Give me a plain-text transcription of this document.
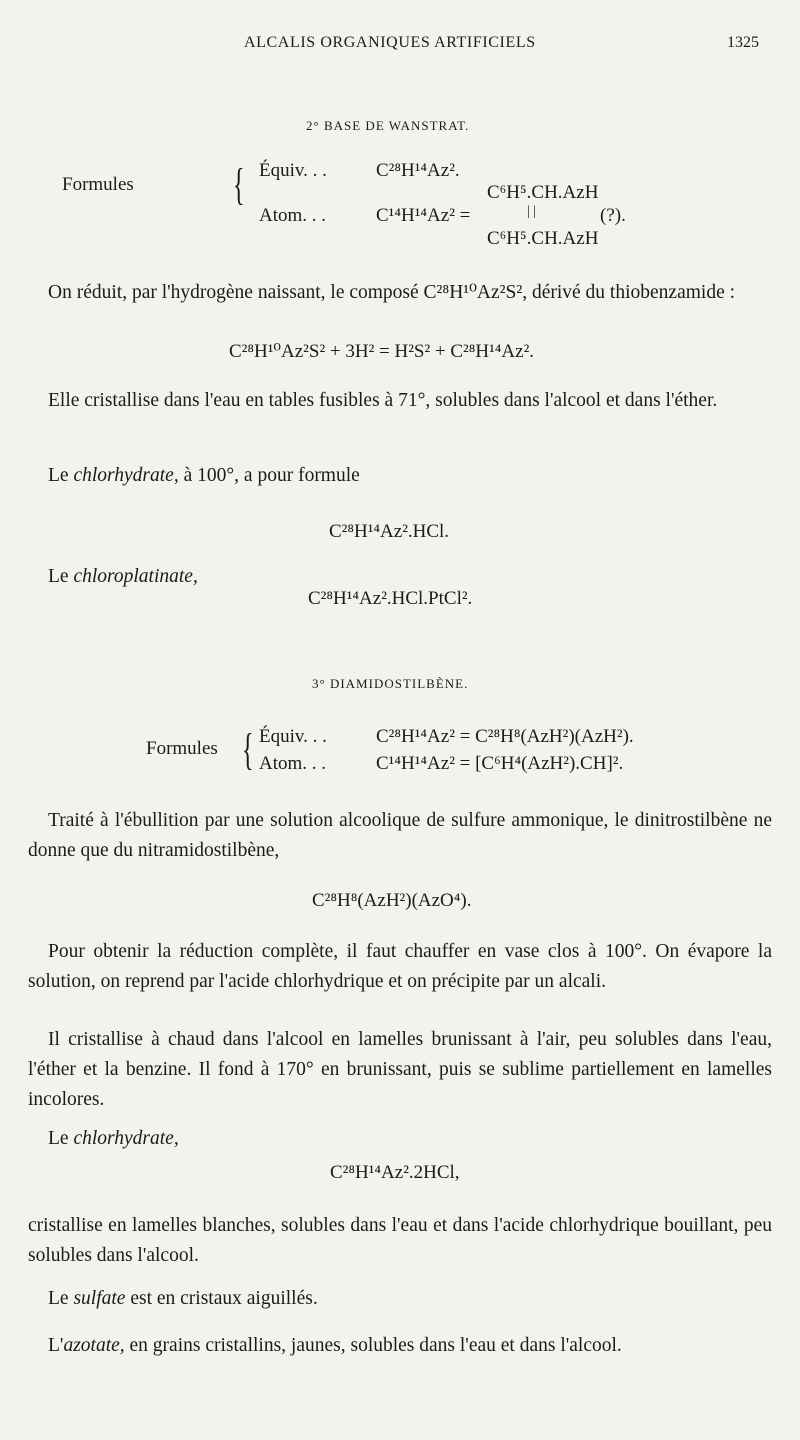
ALCALIS ORGANIQUES ARTIFICIELS	1325
2° BASE DE WANSTRAT.
Formules { Équiv. . .	C²⁸H¹⁴Az².
Atom. . .	C¹⁴H¹⁴Az² =
C⁶H⁵.CH.AzH
| |	(?).
C⁶H⁵.CH.AzH

On réduit, par l'hydrogène naissant, le composé C²⁸H¹⁰Az²S², dérivé du thiobenzamide :

C²⁸H¹⁰Az²S² + 3H² = H²S² + C²⁸H¹⁴Az².

Elle cristallise dans l'eau en tables fusibles à 71°, solubles dans l'alcool et dans l'éther.

Le chlorhydrate, à 100°, a pour formule

C²⁸H¹⁴Az².HCl.

Le chloroplatinate,

C²⁸H¹⁴Az².HCl.PtCl².
3° DIAMIDOSTILBÈNE.
Formules { Équiv. . .	C²⁸H¹⁴Az² = C²⁸H⁸(AzH²)(AzH²).
Atom. . .	C¹⁴H¹⁴Az² = [C⁶H⁴(AzH²).CH]².

Traité à l'ébullition par une solution alcoolique de sulfure ammonique, le dinitrostilbène ne donne que du nitramidostilbène,

C²⁸H⁸(AzH²)(AzO⁴).

Pour obtenir la réduction complète, il faut chauffer en vase clos à 100°. On évapore la solution, on reprend par l'acide chlorhydrique et on précipite par un alcali.

Il cristallise à chaud dans l'alcool en lamelles brunissant à l'air, peu solubles dans l'eau, l'éther et la benzine. Il fond à 170° en brunissant, puis se sublime partiellement en lamelles incolores.

Le chlorhydrate,

C²⁸H¹⁴Az².2HCl,

cristallise en lamelles blanches, solubles dans l'eau et dans l'acide chlorhydrique bouillant, peu solubles dans l'alcool.

Le sulfate est en cristaux aiguillés.

L'azotate, en grains cristallins, jaunes, solubles dans l'eau et dans l'alcool.
